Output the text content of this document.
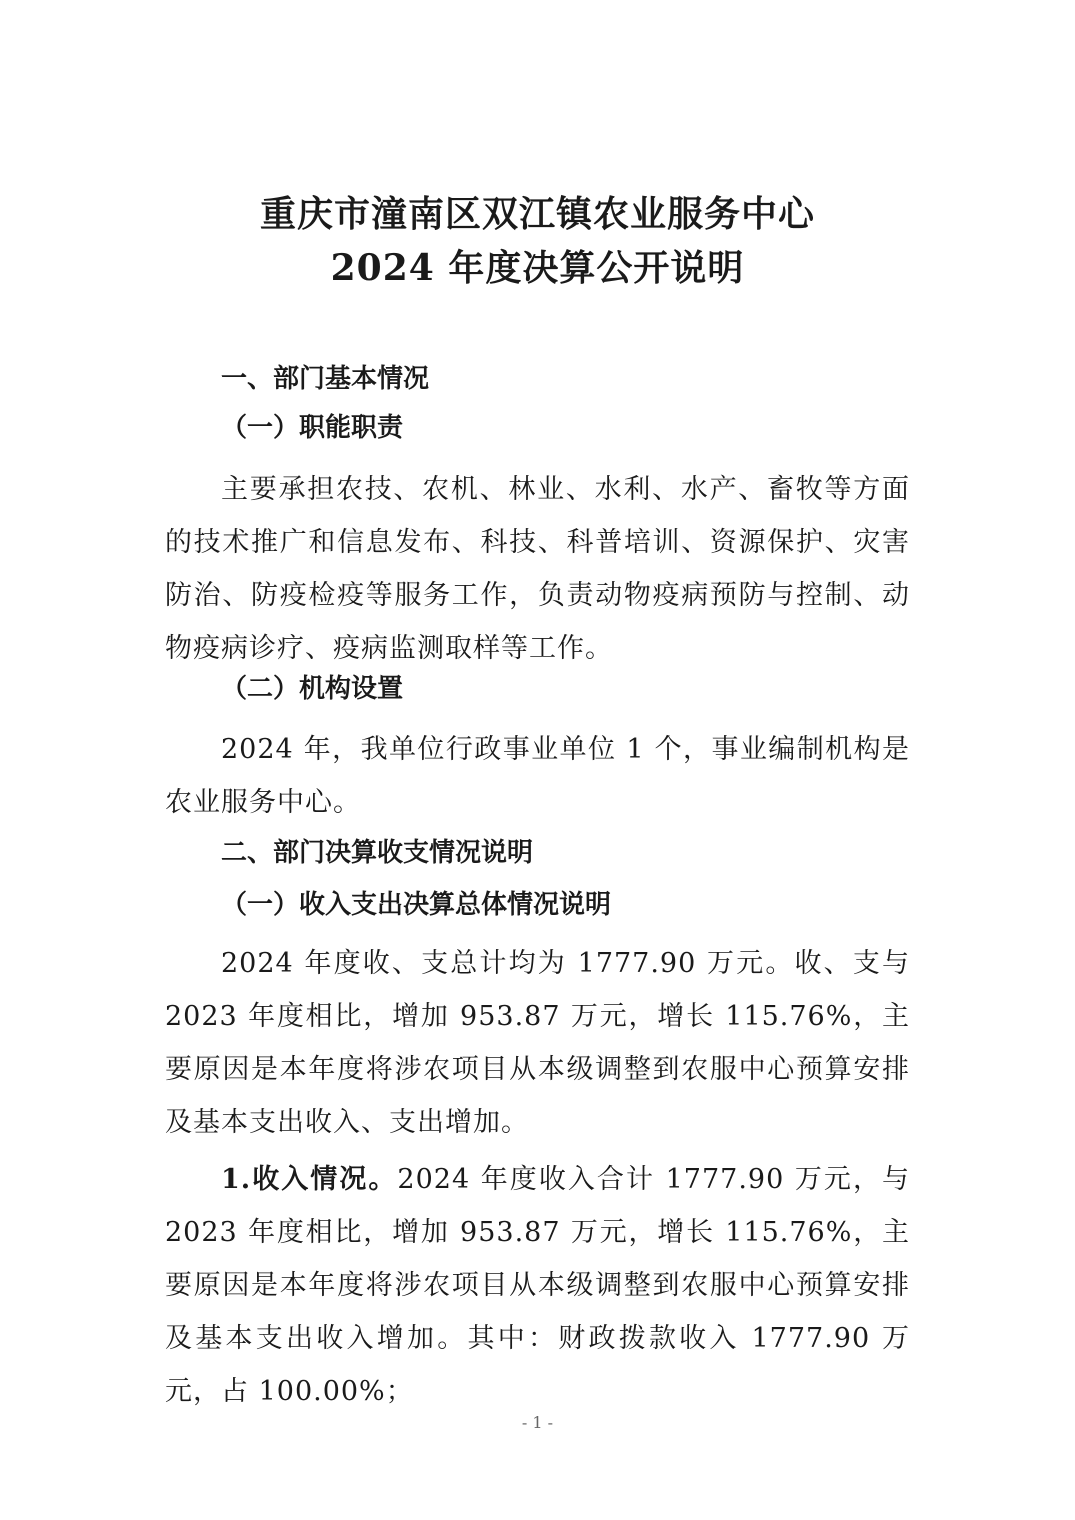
重庆市潼南区双江镇农业服务中心
2024 年度决算公开说明
一、部门基本情况
（一）职能职责
主要承担农技、农机、林业、水利、水产、畜牧等方面的技术推广和信息发布、科技、科普培训、资源保护、灾害防治、防疫检疫等服务工作，负责动物疫病预防与控制、动物疫病诊疗、疫病监测取样等工作。
（二）机构设置
2024 年，我单位行政事业单位 1 个，事业编制机构是农业服务中心。
二、部门决算收支情况说明
（一）收入支出决算总体情况说明
2024 年度收、支总计均为 1777.90 万元。收、支与 2023 年度相比，增加 953.87 万元，增长 115.76%，主要原因是本年度将涉农项目从本级调整到农服中心预算安排及基本支出收入、支出增加。
1.收入情况。2024 年度收入合计 1777.90 万元，与 2023 年度相比，增加 953.87 万元，增长 115.76%，主要原因是本年度将涉农项目从本级调整到农服中心预算安排及基本支出收入增加。其中：财政拨款收入 1777.90 万元，占 100.00%；
- 1 -
